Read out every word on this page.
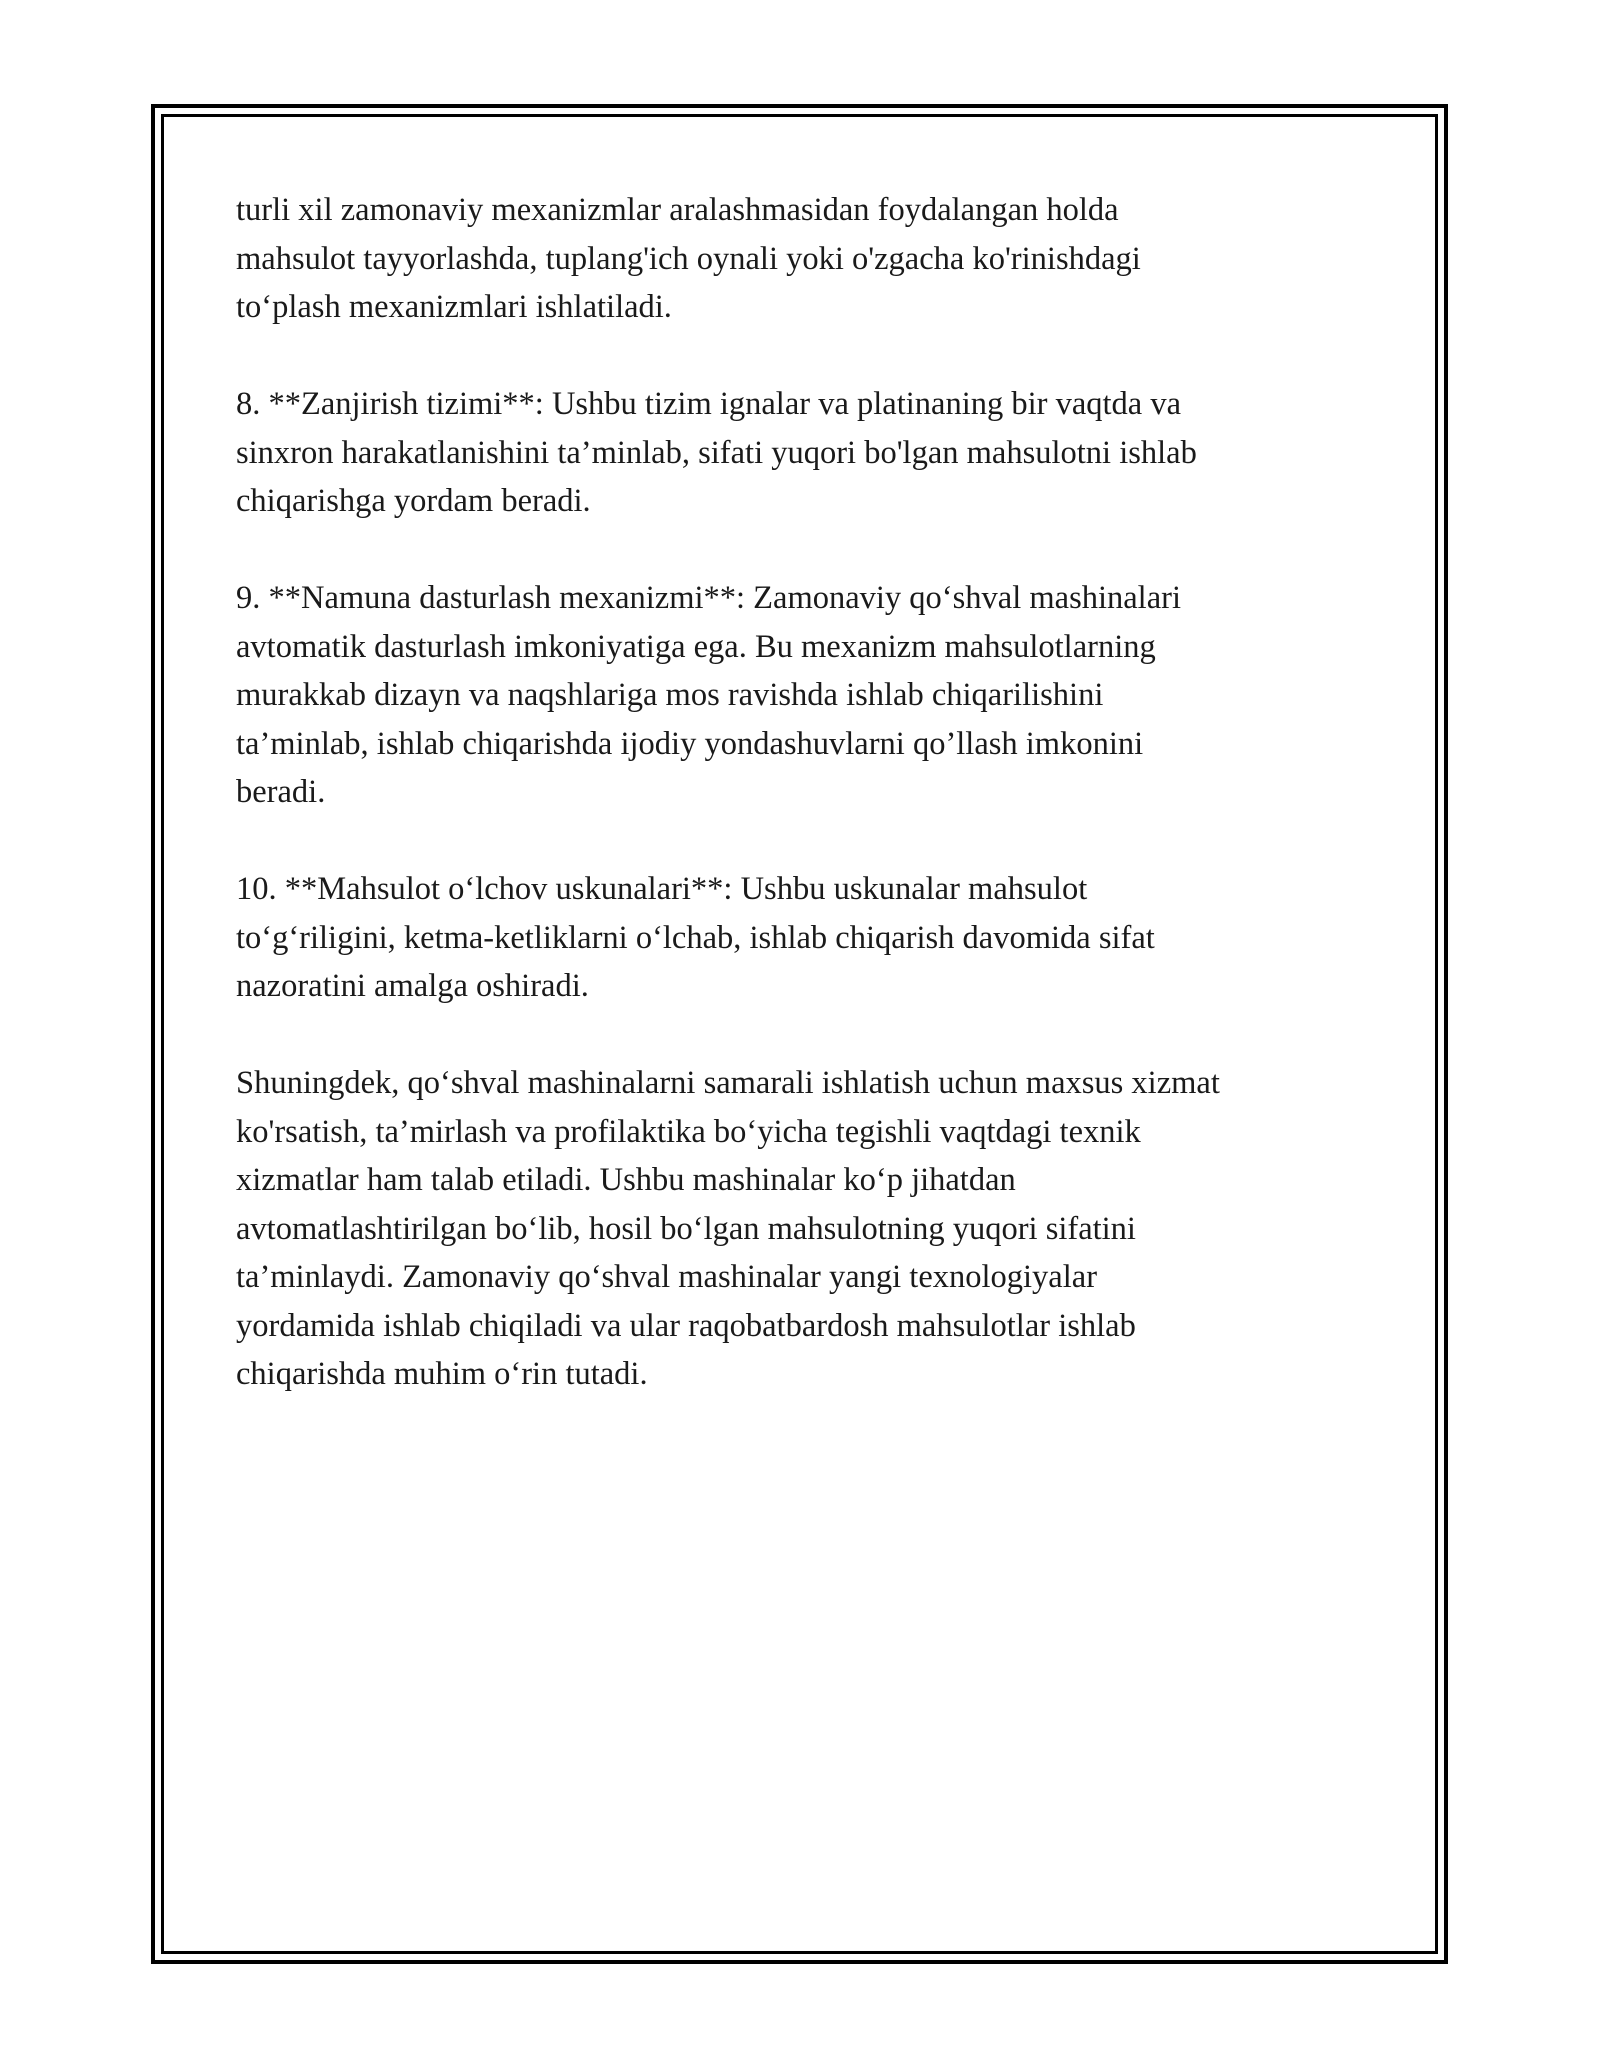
turli xil zamonaviy mexanizmlar aralashmasidan foydalangan holda
mahsulot tayyorlashda, tuplang'ich oynali yoki o'zgacha ko'rinishdagi
to‘plash mexanizmlari ishlatiladi.

8. **Zanjirish tizimi**: Ushbu tizim ignalar va platinaning bir vaqtda va
sinxron harakatlanishini ta’minlab, sifati yuqori bo'lgan mahsulotni ishlab
chiqarishga yordam beradi.

9. **Namuna dasturlash mexanizmi**: Zamonaviy qo‘shval mashinalari
avtomatik dasturlash imkoniyatiga ega. Bu mexanizm mahsulotlarning
murakkab dizayn va naqshlariga mos ravishda ishlab chiqarilishini
ta’minlab, ishlab chiqarishda ijodiy yondashuvlarni qo’llash imkonini
beradi.

10. **Mahsulot o‘lchov uskunalari**: Ushbu uskunalar mahsulot
to‘g‘riligini, ketma-ketliklarni o‘lchab, ishlab chiqarish davomida sifat
nazoratini amalga oshiradi.

Shuningdek, qo‘shval mashinalarni samarali ishlatish uchun maxsus xizmat
ko'rsatish, ta’mirlash va profilaktika bo‘yicha tegishli vaqtdagi texnik
xizmatlar ham talab etiladi. Ushbu mashinalar ko‘p jihatdan
avtomatlashtirilgan bo‘lib, hosil bo‘lgan mahsulotning yuqori sifatini
ta’minlaydi. Zamonaviy qo‘shval mashinalar yangi texnologiyalar
yordamida ishlab chiqiladi va ular raqobatbardosh mahsulotlar ishlab
chiqarishda muhim o‘rin tutadi.
